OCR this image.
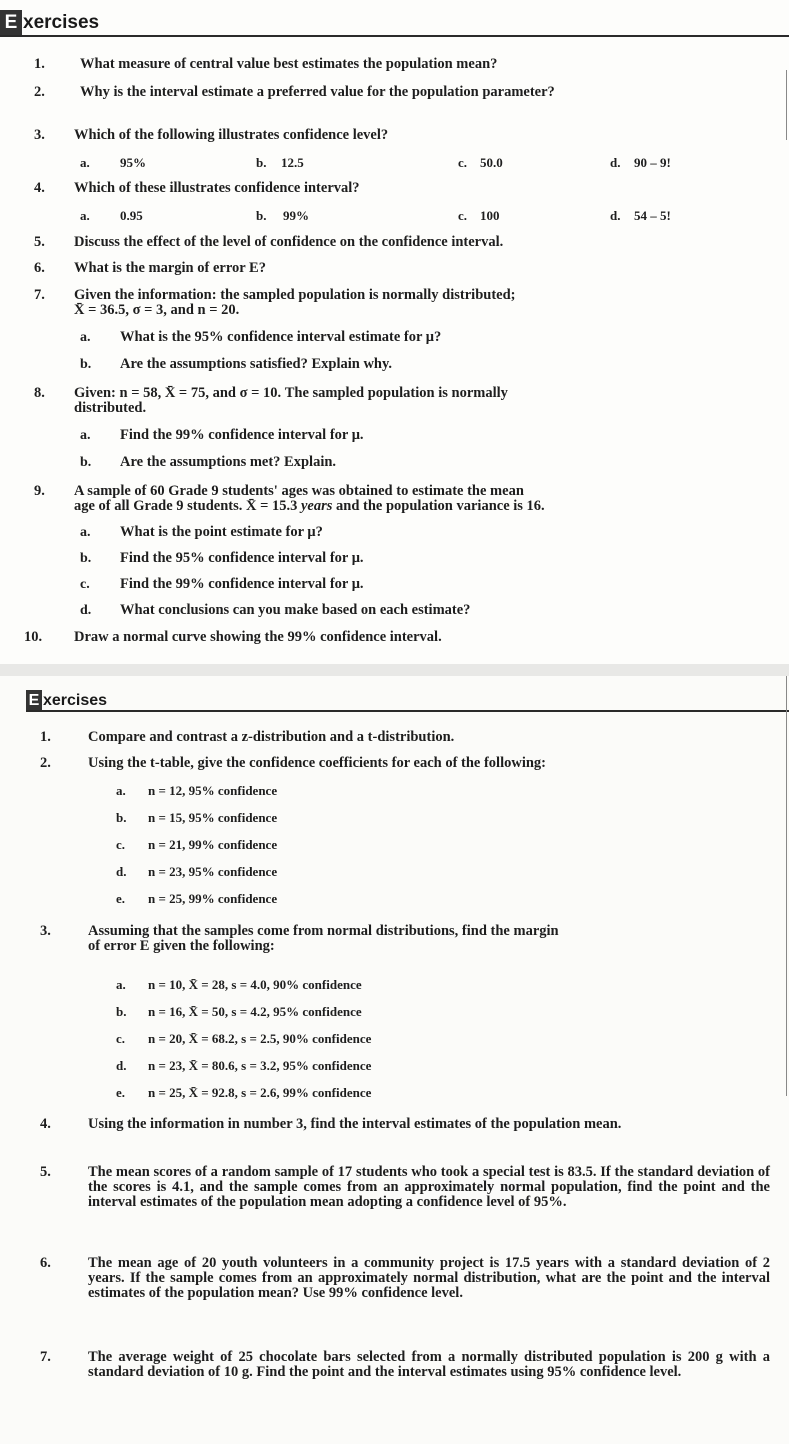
E xercises
1. What measure of central value best estimates the population mean?
2. Why is the interval estimate a preferred value for the population parameter?
3. Which of the following illustrates confidence level?
a. 95%	b. 12.5	c. 50.0	d. 90 – 9!
4. Which of these illustrates confidence interval?
a. 0.95	b. 99%	c. 100	d. 54 – 5!
5. Discuss the effect of the level of confidence on the confidence interval.
6. What is the margin of error E?
7. Given the information: the sampled population is normally distributed;
X̄ = 36.5, σ = 3, and n = 20.
a. What is the 95% confidence interval estimate for μ?
b. Are the assumptions satisfied? Explain why.
8. Given: n = 58, X̄ = 75, and σ = 10. The sampled population is normally
distributed.
a. Find the 99% confidence interval for μ.
b. Are the assumptions met? Explain.
9. A sample of 60 Grade 9 students' ages was obtained to estimate the mean
age of all Grade 9 students. X̄ = 15.3 years and the population variance is 16.
a. What is the point estimate for μ?
b. Find the 95% confidence interval for μ.
c. Find the 99% confidence interval for μ.
d. What conclusions can you make based on each estimate?
10. Draw a normal curve showing the 99% confidence interval.
E xercises
1.	Compare and contrast a z-distribution and a t-distribution.
2.	Using the t-table, give the confidence coefficients for each of the following:
a. n = 12, 95% confidence
b. n = 15, 95% confidence
c. n = 21, 99% confidence
d. n = 23, 95% confidence
e. n = 25, 99% confidence
3.	Assuming that the samples come from normal distributions, find the margin
of error E given the following:
a. n = 10, X̄ = 28, s = 4.0, 90% confidence
b. n = 16, X̄ = 50, s = 4.2, 95% confidence
c. n = 20, X̄ = 68.2, s = 2.5, 90% confidence
d. n = 23, X̄ = 80.6, s = 3.2, 95% confidence
e. n = 25, X̄ = 92.8, s = 2.6, 99% confidence
4.	Using the information in number 3, find the interval estimates of the population mean.
5.	The mean scores of a random sample of 17 students who took a special test is 83.5. If the standard deviation of the scores is 4.1, and the sample comes from an approximately normal population, find the point and the interval estimates of the population mean adopting a confidence level of 95%.
6.	The mean age of 20 youth volunteers in a community project is 17.5 years with a standard deviation of 2 years. If the sample comes from an approximately normal distribution, what are the point and the interval estimates of the population mean? Use 99% confidence level.
7.	The average weight of 25 chocolate bars selected from a normally distributed population is 200 g with a standard deviation of 10 g. Find the point and the interval estimates using 95% confidence level.
